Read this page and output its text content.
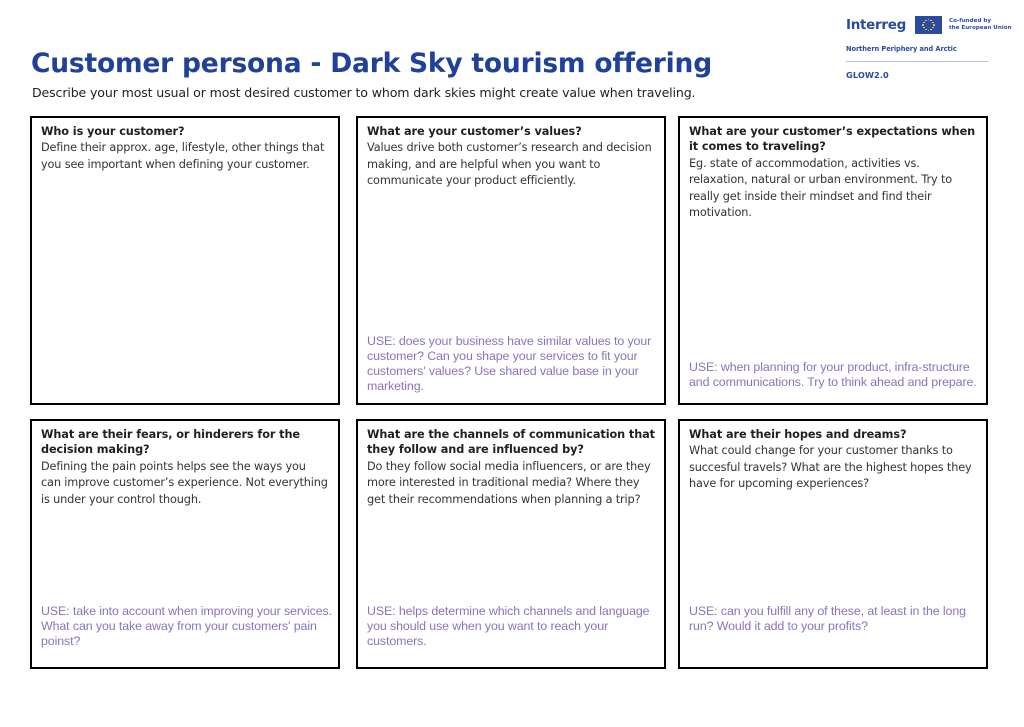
Customer persona - Dark Sky tourism offering
Describe your most usual or most desired customer to whom dark skies might create value when traveling.
Interreg	Co-funded by
the European Union
Northern Periphery and Arctic
GLOW2.0
Who is your customer?
Define their approx. age, lifestyle, other things that you see important when defining your customer.
What are your customer’s values?
Values drive both customer’s research and decision making, and are helpful when you want to communicate your product efficiently.
USE: does your business have similar values to your customer? Can you shape your services to fit your customers' values? Use shared value base in your marketing.
What are your customer’s expectations when it comes to traveling?
Eg. state of accommodation, activities vs. relaxation, natural or urban environment. Try to really get inside their mindset and find their motivation.
USE: when planning for your product, infra-structure and communications. Try to think ahead and prepare.
What are their fears, or hinderers for the decision making?
Defining the pain points helps see the ways you can improve customer’s experience. Not everything is under your control though.
USE: take into account when improving your services. What can you take away from your customers' pain poinst?
What are the channels of communication that they follow and are influenced by?
Do they follow social media influencers, or are they more interested in traditional media? Where they get their recommendations when planning a trip?
USE: helps determine which channels and language you should use when you want to reach your customers.
What are their hopes and dreams?
What could change for your customer thanks to succesful travels? What are the highest hopes they have for upcoming experiences?
USE: can you fulfill any of these, at least in the long run? Would it add to your profits?
